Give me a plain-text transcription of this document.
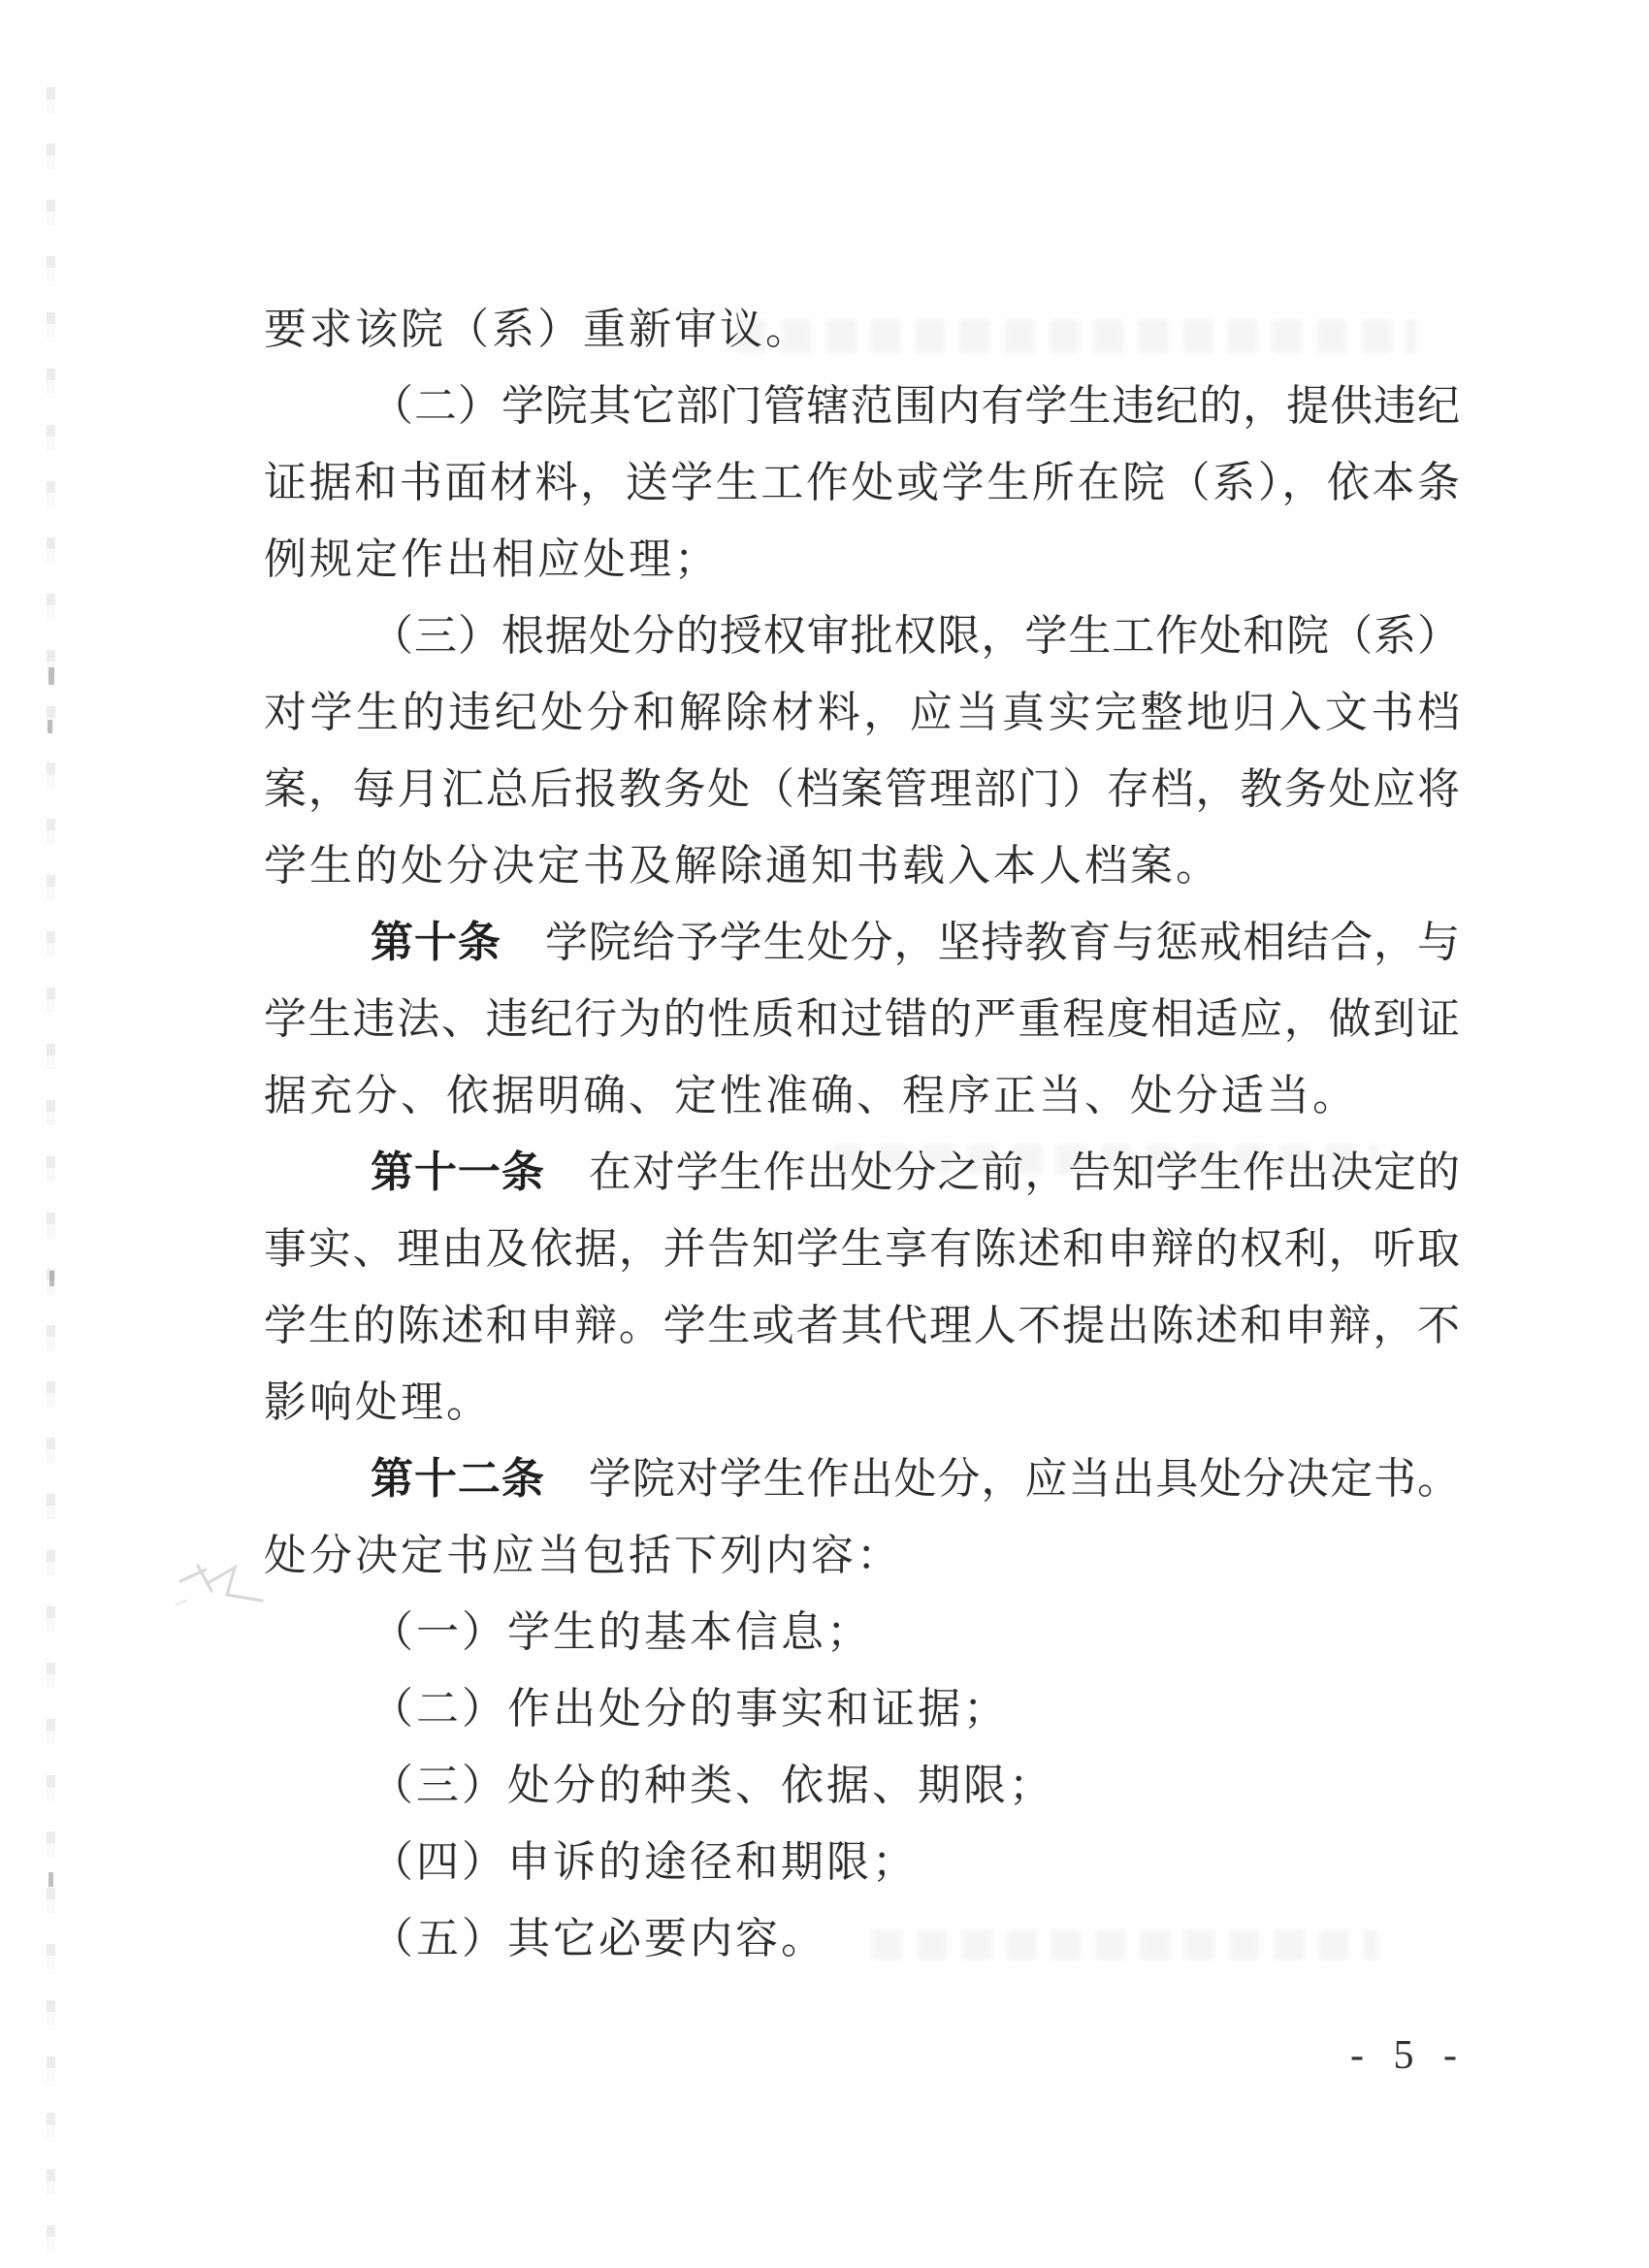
要求该院（系）重新审议。
（二）学院其它部门管辖范围内有学生违纪的，提供违纪
证据和书面材料，送学生工作处或学生所在院（系），依本条
例规定作出相应处理；
（三）根据处分的授权审批权限，学生工作处和院（系）
对学生的违纪处分和解除材料，应当真实完整地归入文书档
案，每月汇总后报教务处（档案管理部门）存档，教务处应将
学生的处分决定书及解除通知书载入本人档案。
第十条　学院给予学生处分，坚持教育与惩戒相结合，与
学生违法、违纪行为的性质和过错的严重程度相适应，做到证
据充分、依据明确、定性准确、程序正当、处分适当。
第十一条　在对学生作出处分之前，告知学生作出决定的
事实、理由及依据，并告知学生享有陈述和申辩的权利，听取
学生的陈述和申辩。学生或者其代理人不提出陈述和申辩，不
影响处理。
第十二条　学院对学生作出处分，应当出具处分决定书。
处分决定书应当包括下列内容：
（一）学生的基本信息；
（二）作出处分的事实和证据；
（三）处分的种类、依据、期限；
（四）申诉的途径和期限；
（五）其它必要内容。
- 5 -
